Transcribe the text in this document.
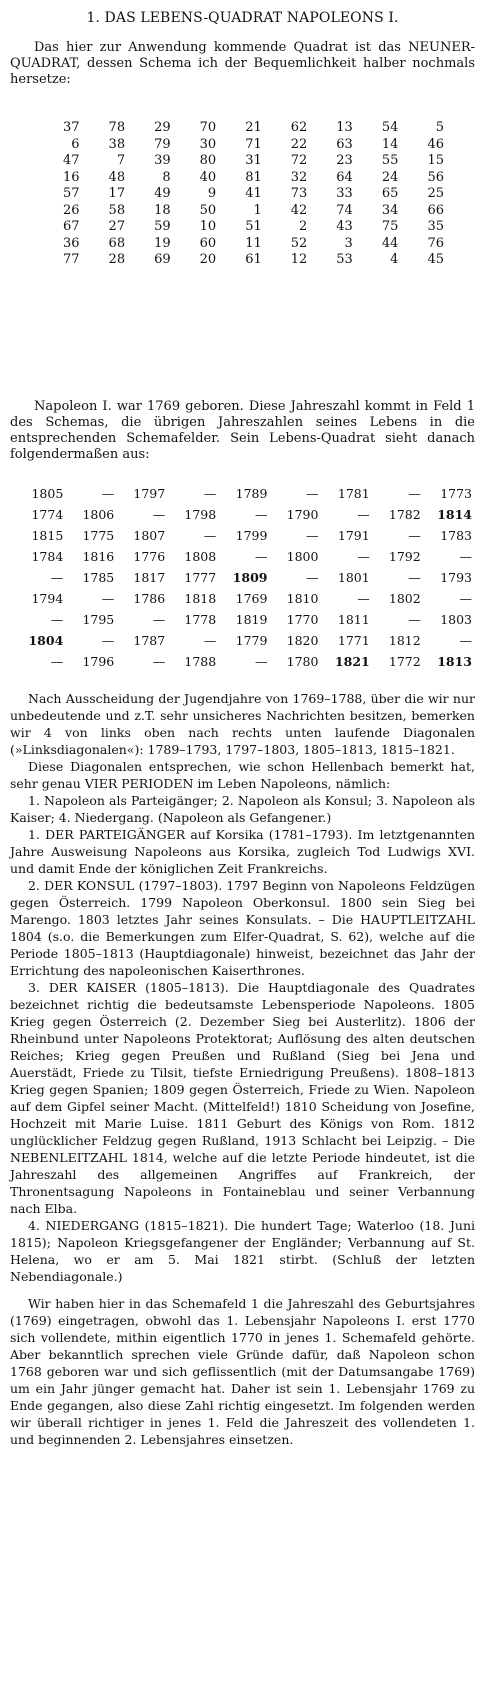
1. DAS LEBENS-QUADRAT NAPOLEONS I.
Das hier zur Anwendung kommende Quadrat ist das NEUNER-QUADRAT, dessen Schema ich der Bequemlichkeit halber nochmals hersetze:
37	78	29	70	21	62	13	54	5
6	38	79	30	71	22	63	14	46
47	7	39	80	31	72	23	55	15
16	48	8	40	81	32	64	24	56
57	17	49	9	41	73	33	65	25
26	58	18	50	1	42	74	34	66
67	27	59	10	51	2	43	75	35
36	68	19	60	11	52	3	44	76
77	28	69	20	61	12	53	4	45
Napoleon I. war 1769 geboren. Diese Jahreszahl kommt in Feld 1 des Schemas, die übrigen Jahreszahlen seines Lebens in die entsprechenden Schemafelder. Sein Lebens-Quadrat sieht danach folgendermaßen aus:
1805	—	1797	—	1789	—	1781	—	1773
1774	1806	—	1798	—	1790	—	1782	1814
1815	1775	1807	—	1799	—	1791	—	1783
1784	1816	1776	1808	—	1800	—	1792	—
—	1785	1817	1777	1809	—	1801	—	1793
1794	—	1786	1818	1769	1810	—	1802	—
—	1795	—	1778	1819	1770	1811	—	1803
1804	—	1787	—	1779	1820	1771	1812	—
—	1796	—	1788	—	1780	1821	1772	1813

Nach Ausscheidung der Jugendjahre von 1769–1788, über die wir nur unbedeutende und z.T. sehr unsicheres Nachrichten besitzen, bemerken wir 4 von links oben nach rechts unten laufende Diagonalen (»Linksdiagonalen«): 1789–1793, 1797–1803, 1805–1813, 1815–1821.

Diese Diagonalen entsprechen, wie schon Hellenbach bemerkt hat, sehr genau VIER PERIODEN im Leben Napoleons, nämlich:

1. Napoleon als Parteigänger; 2. Napoleon als Konsul; 3. Napoleon als Kaiser; 4. Niedergang. (Napoleon als Gefangener.)

1. DER PARTEIGÄNGER auf Korsika (1781–1793). Im letztgenannten Jahre Ausweisung Napoleons aus Korsika, zugleich Tod Ludwigs XVI. und damit Ende der königlichen Zeit Frankreichs.

2. DER KONSUL (1797–1803). 1797 Beginn von Napoleons Feldzügen gegen Österreich. 1799 Napoleon Oberkonsul. 1800 sein Sieg bei Marengo. 1803 letztes Jahr seines Konsulats. – Die HAUPTLEITZAHL 1804 (s.o. die Bemerkungen zum Elfer-Quadrat, S. 62), welche auf die Periode 1805–1813 (Hauptdiagonale) hinweist, bezeichnet das Jahr der Errichtung des napoleonischen Kaiserthrones.

3. DER KAISER (1805–1813). Die Hauptdiagonale des Quadrates bezeichnet richtig die bedeutsamste Lebensperiode Napoleons. 1805 Krieg gegen Österreich (2. Dezember Sieg bei Austerlitz). 1806 der Rheinbund unter Napoleons Protektorat; Auflösung des alten deutschen Reiches; Krieg gegen Preußen und Rußland (Sieg bei Jena und Auerstädt, Friede zu Tilsit, tiefste Erniedrigung Preußens). 1808–1813 Krieg gegen Spanien; 1809 gegen Österreich, Friede zu Wien. Napoleon auf dem Gipfel seiner Macht. (Mittelfeld!) 1810 Scheidung von Josefine, Hochzeit mit Marie Luise. 1811 Geburt des Königs von Rom. 1812 unglücklicher Feldzug gegen Rußland, 1913 Schlacht bei Leipzig. – Die NEBENLEITZAHL 1814, welche auf die letzte Periode hindeutet, ist die Jahreszahl des allgemeinen Angriffes auf Frankreich, der Thronentsagung Napoleons in Fontaineblau und seiner Verbannung nach Elba.

4. NIEDERGANG (1815–1821). Die hundert Tage; Waterloo (18. Juni 1815); Napoleon Kriegsgefangener der Engländer; Verbannung auf St. Helena, wo er am 5. Mai 1821 stirbt. (Schluß der letzten Nebendiagonale.)

Wir haben hier in das Schemafeld 1 die Jahreszahl des Geburtsjahres (1769) eingetragen, obwohl das 1. Lebensjahr Napoleons I. erst 1770 sich vollendete, mithin eigentlich 1770 in jenes 1. Schemafeld gehörte. Aber bekanntlich sprechen viele Gründe dafür, daß Napoleon schon 1768 geboren war und sich geflissentlich (mit der Datumsangabe 1769) um ein Jahr jünger gemacht hat. Daher ist sein 1. Lebensjahr 1769 zu Ende gegangen, also diese Zahl richtig eingesetzt. Im folgenden werden wir überall richtiger in jenes 1. Feld die Jahreszeit des vollendeten 1. und beginnenden 2. Lebensjahres einsetzen.
